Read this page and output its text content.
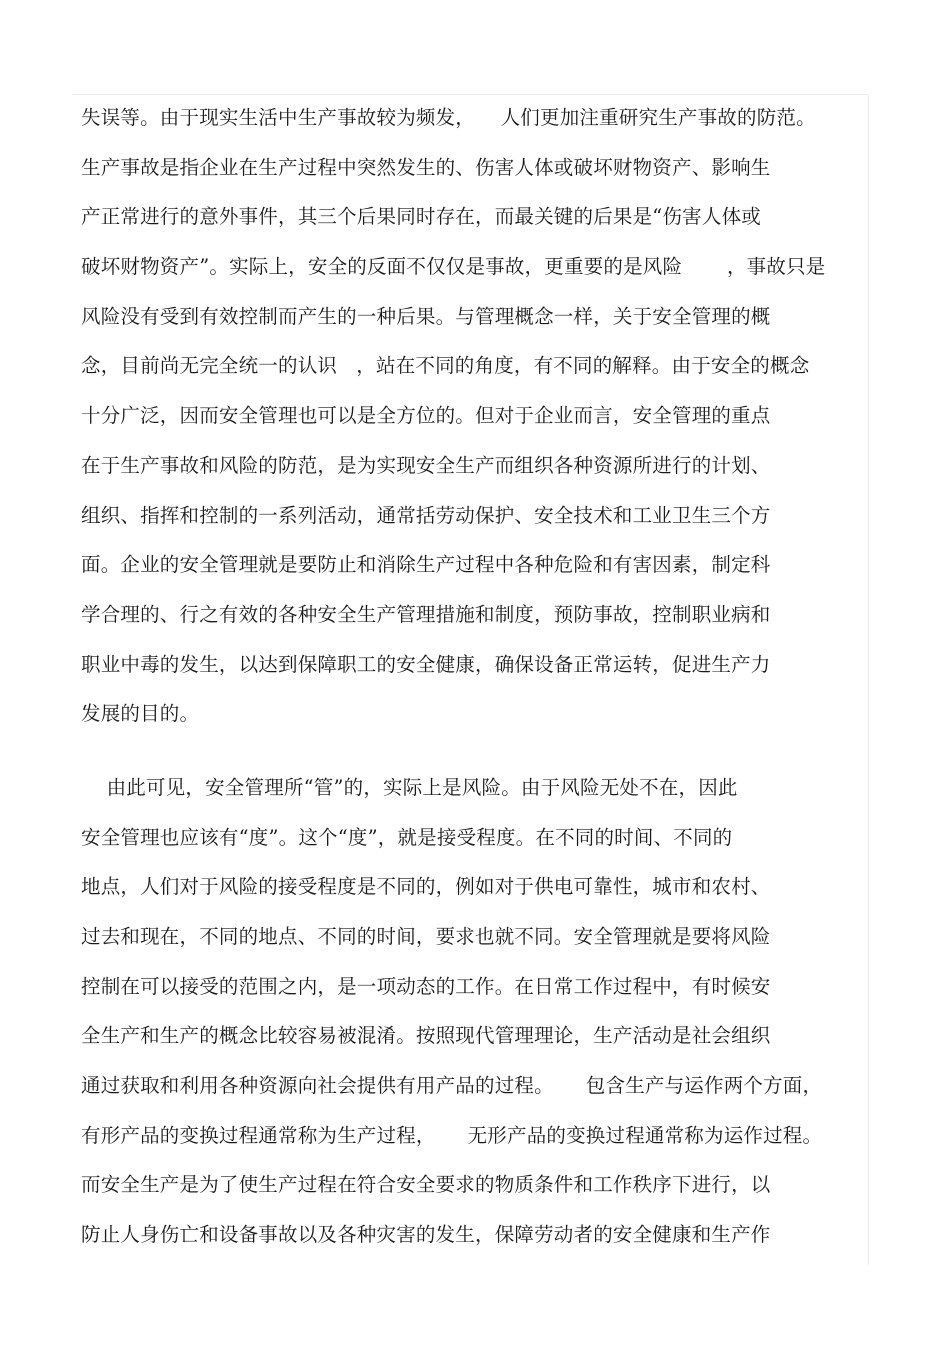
失误等。由于现实生活中生产事故较为频发，    人们更加注重研究生产事故的防范。
生产事故是指企业在生产过程中突然发生的、伤害人体或破坏财物资产、影响生
产正常进行的意外事件，其三个后果同时存在，而最关键的后果是“伤害人体或
破坏财物资产”。实际上，安全的反面不仅仅是事故，更重要的是风险       ，事故只是
风险没有受到有效控制而产生的一种后果。与管理概念一样，关于安全管理的概
念，目前尚无完全统一的认识   ，站在不同的角度，有不同的解释。由于安全的概念
十分广泛，因而安全管理也可以是全方位的。但对于企业而言，安全管理的重点
在于生产事故和风险的防范，是为实现安全生产而组织各种资源所进行的计划、
组织、指挥和控制的一系列活动，通常括劳动保护、安全技术和工业卫生三个方
面。企业的安全管理就是要防止和消除生产过程中各种危险和有害因素，制定科
学合理的、行之有效的各种安全生产管理措施和制度，预防事故，控制职业病和
职业中毒的发生，以达到保障职工的安全健康，确保设备正常运转，促进生产力
发展的目的。
由此可见，安全管理所“管”的，实际上是风险。由于风险无处不在，因此
安全管理也应该有“度”。这个“度”，就是接受程度。在不同的时间、不同的
地点，人们对于风险的接受程度是不同的，例如对于供电可靠性，城市和农村、
过去和现在，不同的地点、不同的时间，要求也就不同。安全管理就是要将风险
控制在可以接受的范围之内，是一项动态的工作。在日常工作过程中，有时候安
全生产和生产的概念比较容易被混淆。按照现代管理理论，生产活动是社会组织
通过获取和利用各种资源向社会提供有用产品的过程。     包含生产与运作两个方面，
有形产品的变换过程通常称为生产过程，     无形产品的变换过程通常称为运作过程。
而安全生产是为了使生产过程在符合安全要求的物质条件和工作秩序下进行，以
防止人身伤亡和设备事故以及各种灾害的发生，保障劳动者的安全健康和生产作
